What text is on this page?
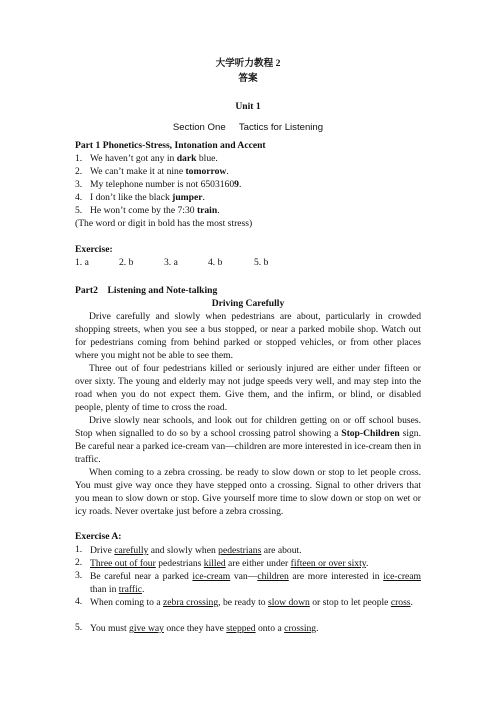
大学听力教程 2
答案
Unit 1
Section One     Tactics for Listening
Part 1 Phonetics-Stress, Intonation and Accent
1. We haven’t got any in dark blue.
2. We can’t make it at nine tomorrow.
3. My telephone number is not 65031609.
4. I don’t like the black jumper.
5. He won’t come by the 7:30 train.
(The word or digit in bold has the most stress)
Exercise:
1. a	2. b	3. a	4. b	5. b
Part2    Listening and Note-talking
Driving Carefully
Drive carefully and slowly when pedestrians are about, particularly in crowded shopping streets, when you see a bus stopped, or near a parked mobile shop. Watch out for pedestrians coming from behind parked or stopped vehicles, or from other places where you might not be able to see them.
Three out of four pedestrians killed or seriously injured are either under fifteen or over sixty. The young and elderly may not judge speeds very well, and may step into the road when you do not expect them. Give them, and the infirm, or blind, or disabled people, plenty of time to cross the road.
Drive slowly near schools, and look out for children getting on or off school buses. Stop when signalled to do so by a school crossing patrol showing a Stop-Children sign. Be careful near a parked ice-cream van—children are more interested in ice-cream then in traffic.
When coming to a zebra crossing. be ready to slow down or stop to let people cross. You must give way once they have stepped onto a crossing. Signal to other drivers that you mean to slow down or stop. Give yourself more time to slow down or stop on wet or icy roads. Never overtake just before a zebra crossing.
Exercise A:
1. Drive carefully and slowly when pedestrians are about.
2. Three out of four pedestrians killed are either under fifteen or over sixty.
3. Be careful near a parked ice-cream van—children are more interested in ice-cream than in traffic.
4. When coming to a zebra crossing, be ready to slow down or stop to let people cross.
5. You must give way once they have stepped onto a crossing.
